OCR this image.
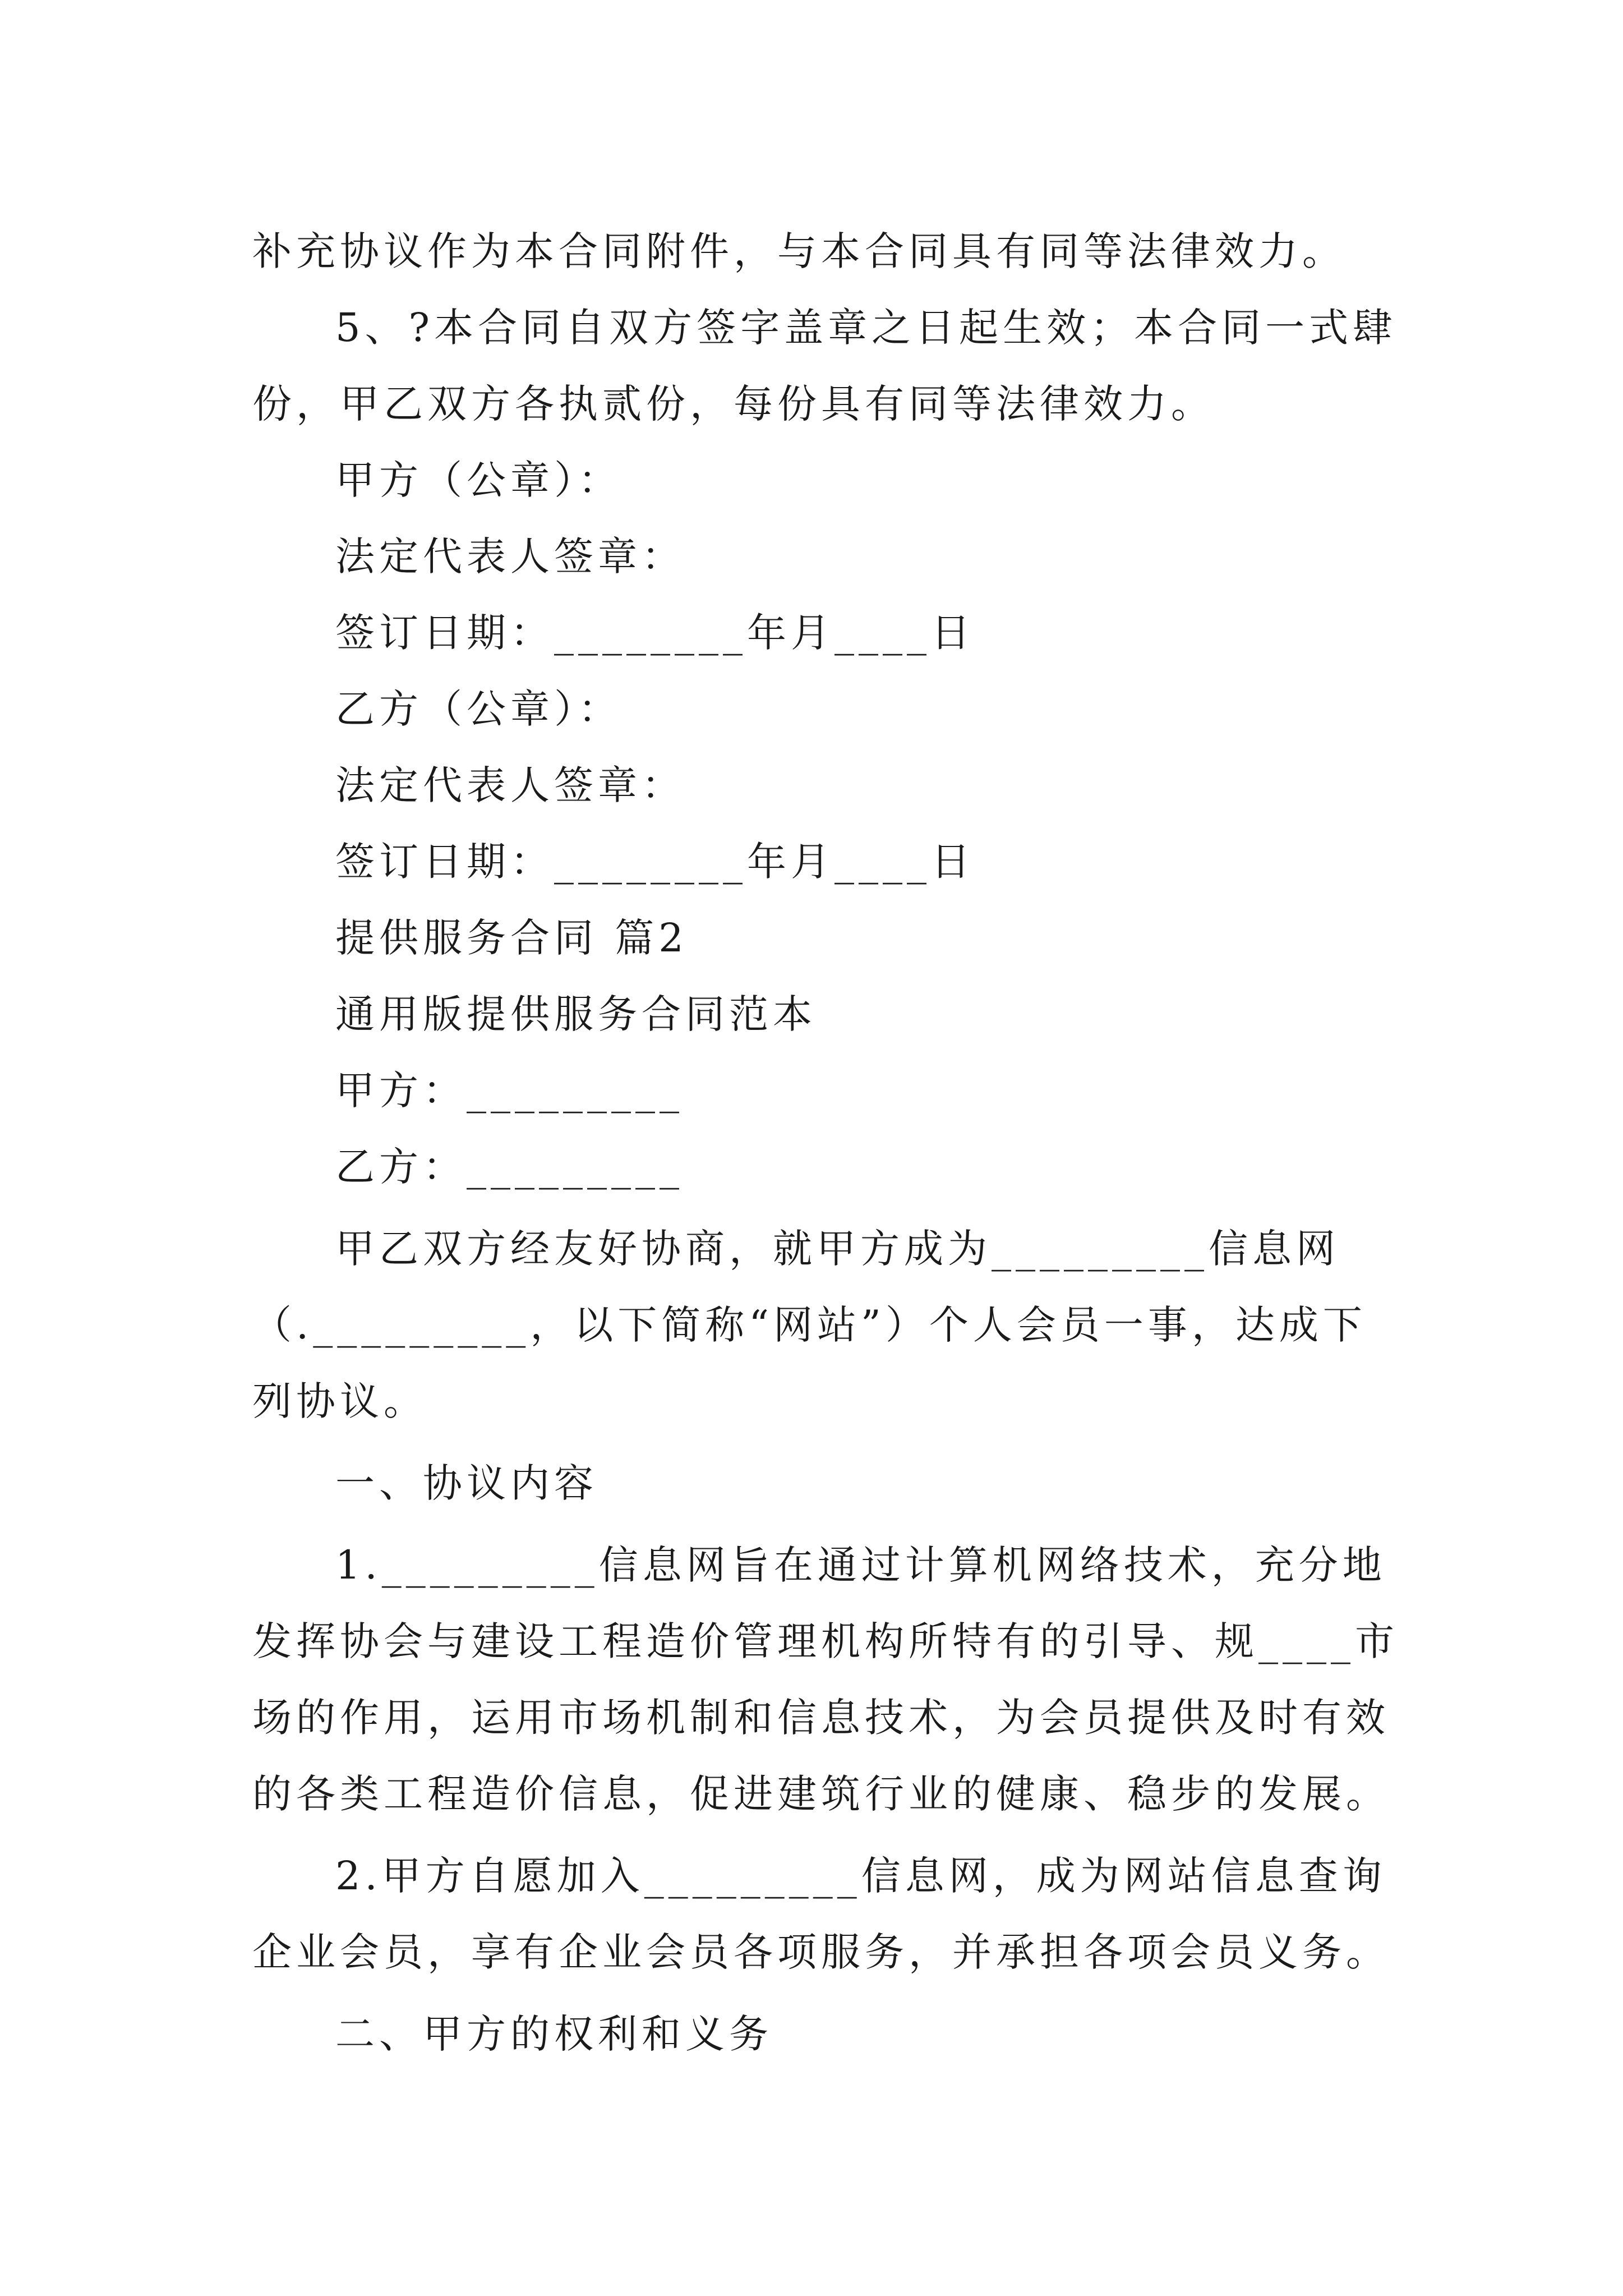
补充协议作为本合同附件，与本合同具有同等法律效力。

5、?本合同自双方签字盖章之日起生效；本合同一式肆

份，甲乙双方各执贰份，每份具有同等法律效力。

甲方（公章）：

法定代表人签章：

签订日期：________年月____日

乙方（公章）：

法定代表人签章：

签订日期：________年月____日

提供服务合同 篇2

通用版提供服务合同范本

甲方：_________

乙方：_________

甲乙双方经友好协商，就甲方成为_________信息网

（._________，以下简称“网站”）个人会员一事，达成下

列协议。

一、协议内容

1._________信息网旨在通过计算机网络技术，充分地

发挥协会与建设工程造价管理机构所特有的引导、规____市

场的作用，运用市场机制和信息技术，为会员提供及时有效

的各类工程造价信息，促进建筑行业的健康、稳步的发展。

2.甲方自愿加入_________信息网，成为网站信息查询

企业会员，享有企业会员各项服务，并承担各项会员义务。

二、甲方的权利和义务
